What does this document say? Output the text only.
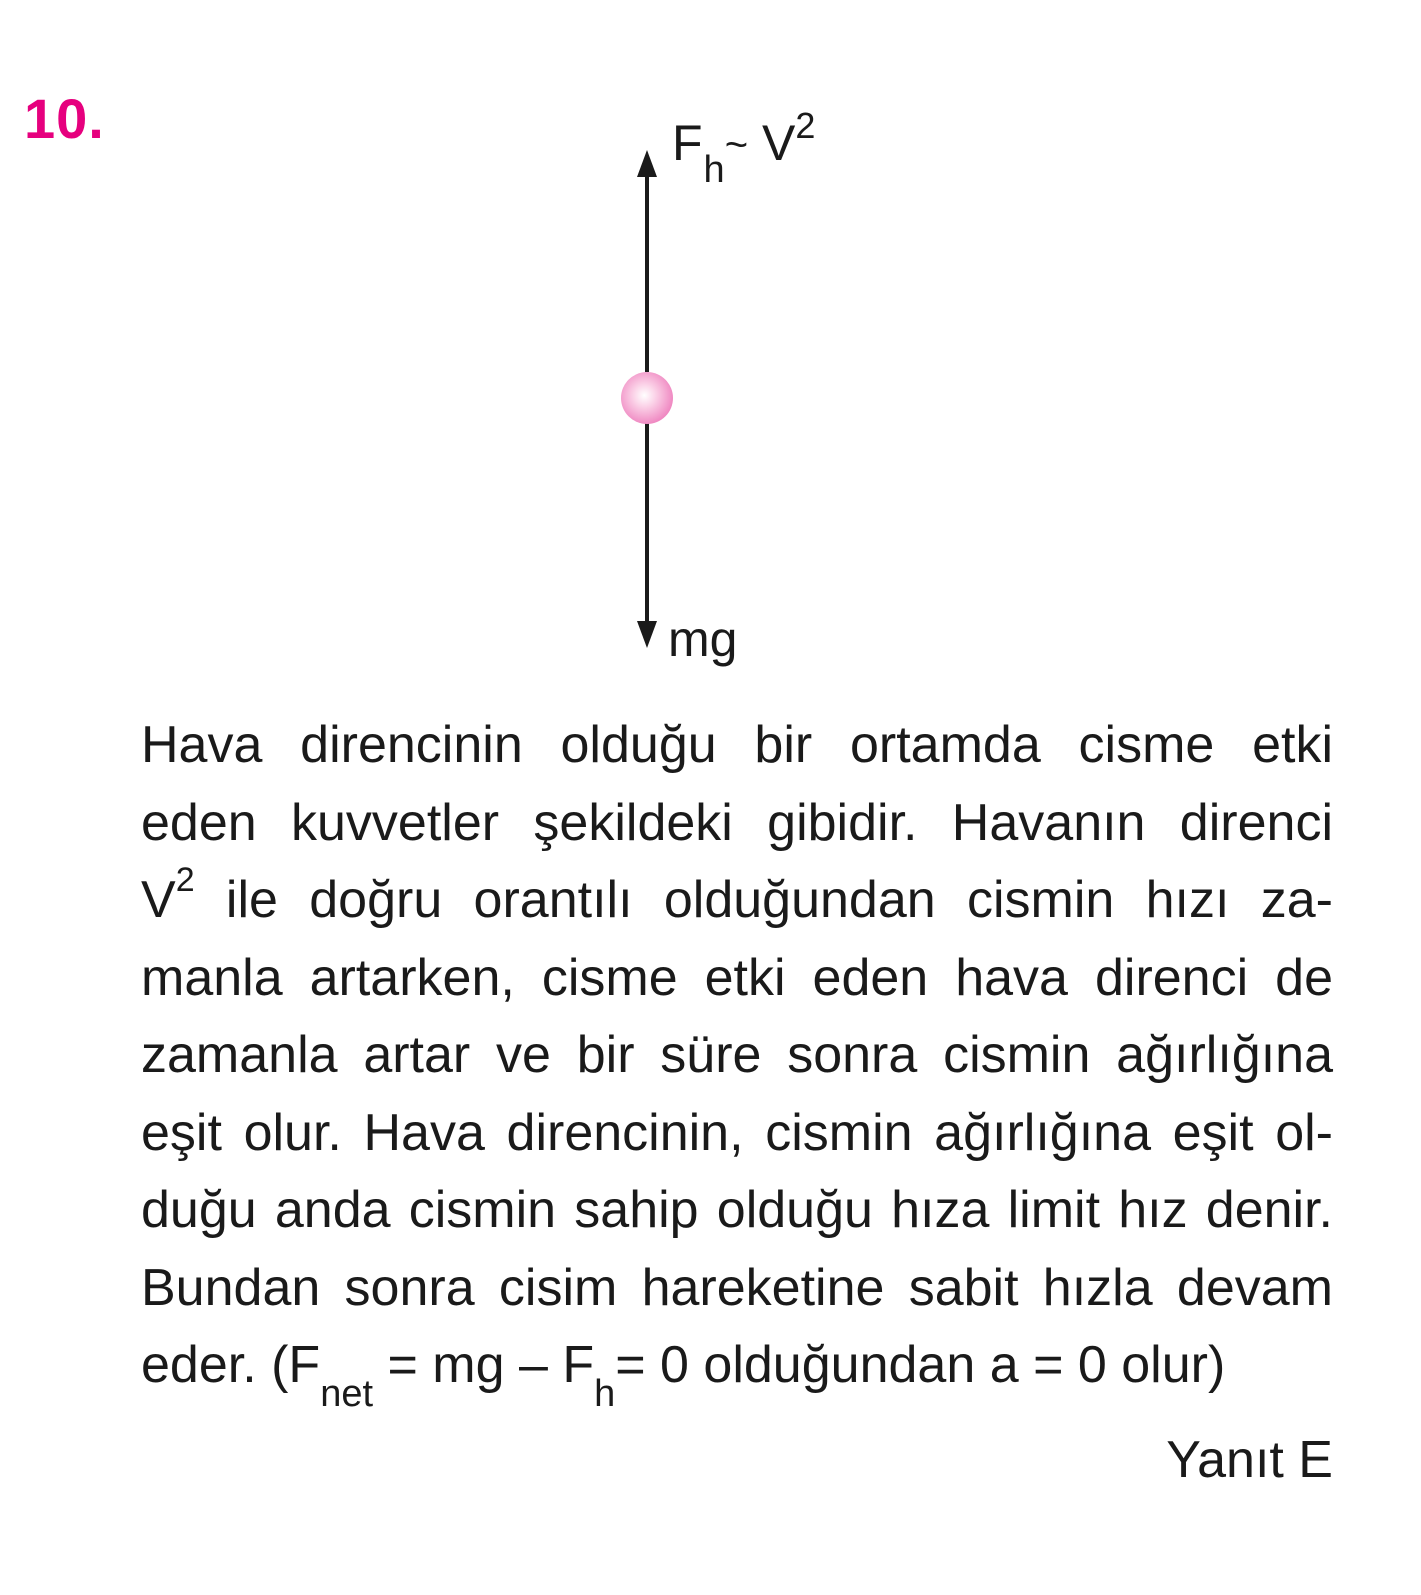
10.	$F_h\sim$ $V^2$
mg
Hava direncinin olduğu bir ortamda cisme etki
eden kuvvetler şekildeki gibidir. Havanın direnci
$V^2$ ile doğru orantılı olduğundan cismin hızı za-
manla artarken, cisme etki eden hava direnci de
zamanla artar ve bir süre sonra cismin ağırlığına
eşit olur. Hava direncinin, cismin ağırlığına eşit ol-
duğu anda cismin sahip olduğu hıza limit hız denir.
Bundan sonra cisim hareketine sabit hızla devam
eder. ($F_{net}$ = mg – $F_h= 0$ olduğundan a = 0 olur)
Yanıt E
